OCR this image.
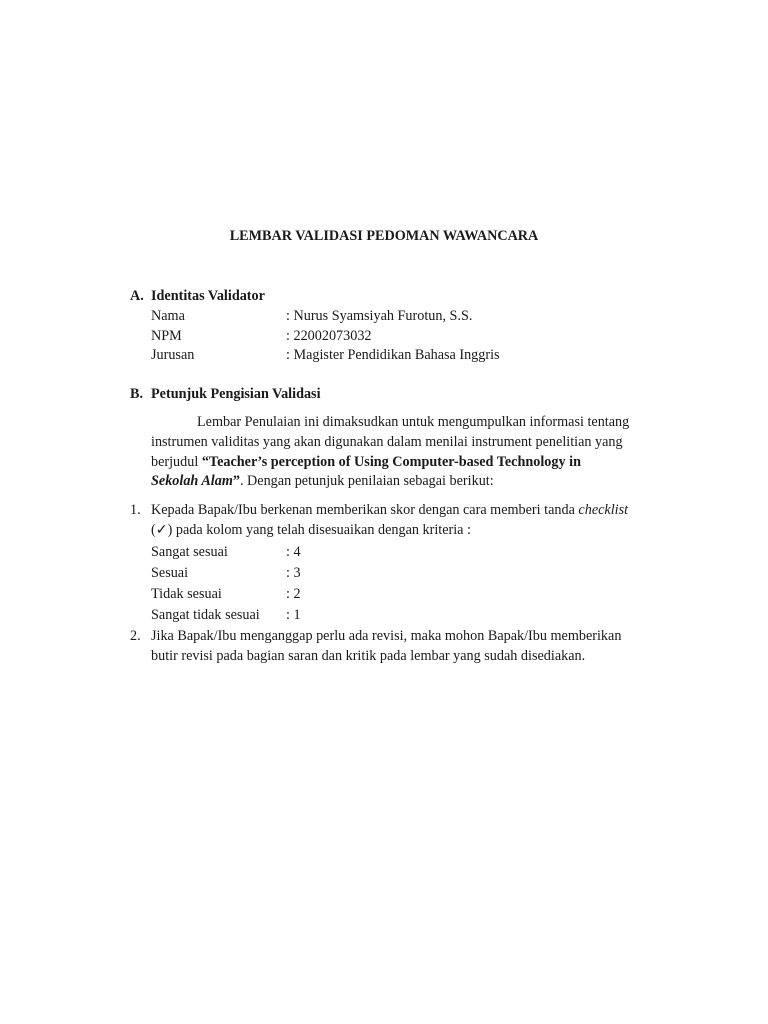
LEMBAR VALIDASI PEDOMAN WAWANCARA
A. Identitas Validator
Nama	: Nurus Syamsiyah Furotun, S.S.
NPM	: 22002073032
Jurusan	: Magister Pendidikan Bahasa Inggris
B. Petunjuk Pengisian Validasi
Lembar Penulaian ini dimaksudkan untuk mengumpulkan informasi tentang
instrumen validitas yang akan digunakan dalam menilai instrument penelitian yang
berjudul “Teacher’s perception of Using Computer-based Technology in
Sekolah Alam”. Dengan petunjuk penilaian sebagai berikut:
1. Kepada Bapak/Ibu berkenan memberikan skor dengan cara memberi tanda checklist
(✓) pada kolom yang telah disesuaikan dengan kriteria :
Sangat sesuai	: 4
Sesuai	: 3
Tidak sesuai	: 2
Sangat tidak sesuai : 1
2. Jika Bapak/Ibu menganggap perlu ada revisi, maka mohon Bapak/Ibu memberikan
butir revisi pada bagian saran dan kritik pada lembar yang sudah disediakan.
